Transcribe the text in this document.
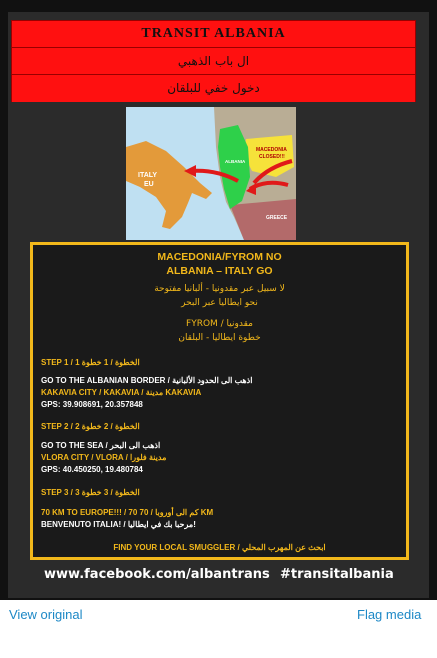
TRANSIT ALBANIA
ال باب الذهبي
دخول خفي للبلقان
ITALY
EU
ALBANIA
MACEDONIA
CLOSED!!!
GREECE
MACEDONIA/FYROM NO
ALBANIA – ITALY GO
لا سبيل عبر مقدونيا - ألبانيا مفتوحة
نحو ايطاليا عبر البحر
FYROM / مقدونيا
خطوة ايطاليا - البلقان
STEP 1 / 1 الخطوة / 1 خطوة
GO TO THE ALBANIAN BORDER / اذهب الى الحدود الألبانية
KAKAVIA CITY / KAKAVIA / مدينة KAKAVIA
GPS: 39.908691, 20.357848
STEP 2 / 2 الخطوة / 2 خطوة
GO TO THE SEA / اذهب الى البحر
VLORA CITY / VLORA / مدينة فلورا
GPS: 40.450250, 19.480784
STEP 3 / 3 الخطوة / 3 خطوة
70 KM TO EUROPE!!! / 70 كم الى أوروبا / 70 KM
BENVENUTO ITALIA! / مرحبا بك في ايطاليا!
FIND YOUR LOCAL SMUGGLER / ابحث عن المهرب المحلي
www.facebook.com/albantrans #transitalbania
View original	Flag media
